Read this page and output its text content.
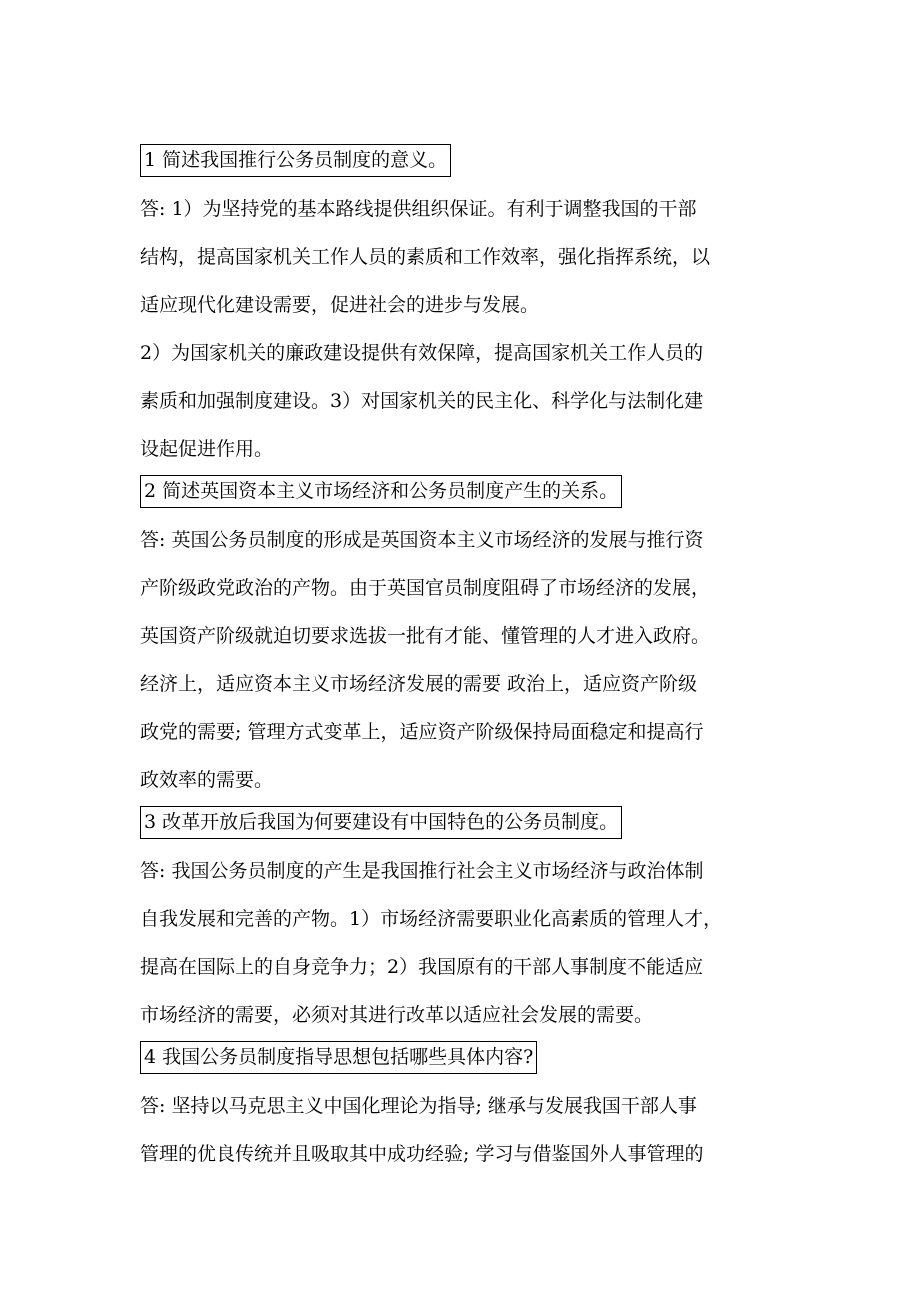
1 简述我国推行公务员制度的意义。
答: 1）为坚持党的基本路线提供组织保证。有利于调整我国的干部
结构，提高国家机关工作人员的素质和工作效率，强化指挥系统，以
适应现代化建设需要，促进社会的进步与发展。
2）为国家机关的廉政建设提供有效保障，提高国家机关工作人员的
素质和加强制度建设。3）对国家机关的民主化、科学化与法制化建
设起促进作用。
2 简述英国资本主义市场经济和公务员制度产生的关系。
答: 英国公务员制度的形成是英国资本主义市场经济的发展与推行资
产阶级政党政治的产物。由于英国官员制度阻碍了市场经济的发展，
英国资产阶级就迫切要求选拔一批有才能、懂管理的人才进入政府。
经济上，适应资本主义市场经济发展的需要 政治上，适应资产阶级
政党的需要; 管理方式变革上，适应资产阶级保持局面稳定和提高行
政效率的需要。
3 改革开放后我国为何要建设有中国特色的公务员制度。
答: 我国公务员制度的产生是我国推行社会主义市场经济与政治体制
自我发展和完善的产物。1）市场经济需要职业化高素质的管理人才，
提高在国际上的自身竞争力；2）我国原有的干部人事制度不能适应
市场经济的需要，必须对其进行改革以适应社会发展的需要。
4 我国公务员制度指导思想包括哪些具体内容?
答: 坚持以马克思主义中国化理论为指导; 继承与发展我国干部人事
管理的优良传统并且吸取其中成功经验; 学习与借鉴国外人事管理的
